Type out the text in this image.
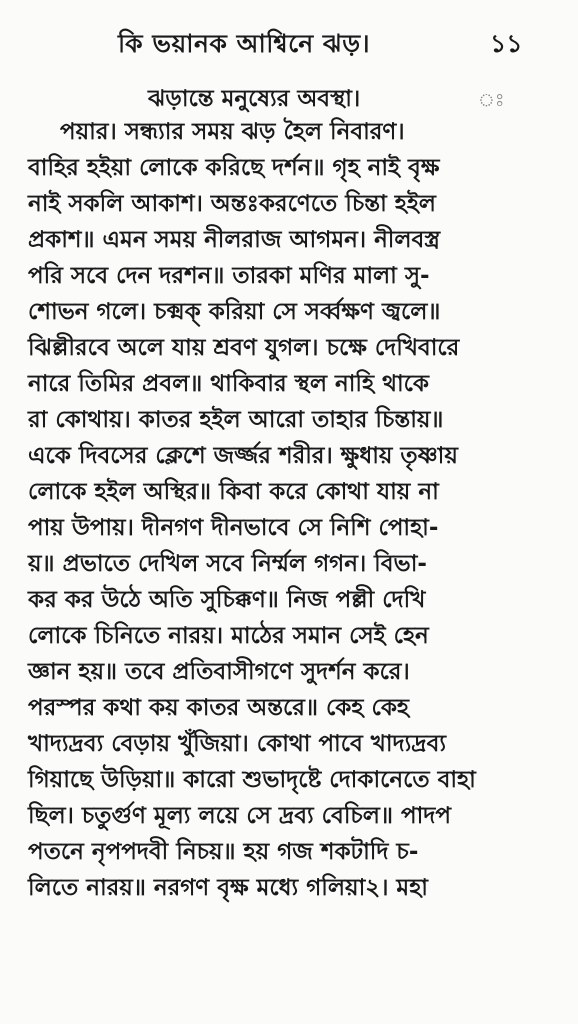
কি ভয়ানক আশ্বিনে ঝড়।	১১
ঝড়ান্তে মনুষ্যের অবস্থা।	ঃ
পয়ার। সন্ধ্যার সময় ঝড় হৈল নিবারণ।
বাহির হইয়া লোকে করিছে দর্শন॥ গৃহ নাই বৃক্ষ
নাই সকলি আকাশ। অন্তঃকরণেতে চিন্তা হইল
প্রকাশ॥ এমন সময় নীলরাজ আগমন। নীলবস্ত্র
পরি সবে দেন দরশন॥ তারকা মণির মালা সু-
শোভন গলে। চক্মক্ করিয়া সে সর্ব্বক্ষণ জ্বলে॥
ঝিল্লীরবে অলে যায় শ্রবণ যুগল। চক্ষে দেখিবারে
নারে তিমির প্রবল॥ থাকিবার স্থল নাহি থাকে
রা কোথায়। কাতর হইল আরো তাহার চিন্তায়॥
একে দিবসের ক্লেশে জর্জ্জর শরীর। ক্ষুধায় তৃষ্ণায়
লোকে হইল অস্থির॥ কিবা করে কোথা যায় না
পায় উপায়। দীনগণ দীনভাবে সে নিশি পোহা-
য়॥ প্রভাতে দেখিল সবে নির্ম্মল গগন। বিভা-
কর কর উঠে অতি সুচিক্কণ॥ নিজ পল্লী দেখি
লোকে চিনিতে নারয়। মাঠের সমান সেই হেন
জ্ঞান হয়॥ তবে প্রতিবাসীগণে সুদর্শন করে।
পরস্পর কথা কয় কাতর অন্তরে॥ কেহ কেহ
খাদ্যদ্রব্য বেড়ায় খুঁজিয়া। কোথা পাবে খাদ্যদ্রব্য
গিয়াছে উড়িয়া॥ কারো শুভাদৃষ্টে দোকানেতে বাহা
ছিল। চতুর্গুণ মূল্য লয়ে সে দ্রব্য বেচিল॥ পাদপ
পতনে নৃপপদবী নিচয়॥ হয় গজ শকটাদি চ-
লিতে নারয়॥ নরগণ বৃক্ষ মধ্যে গলিয়া২। মহা
